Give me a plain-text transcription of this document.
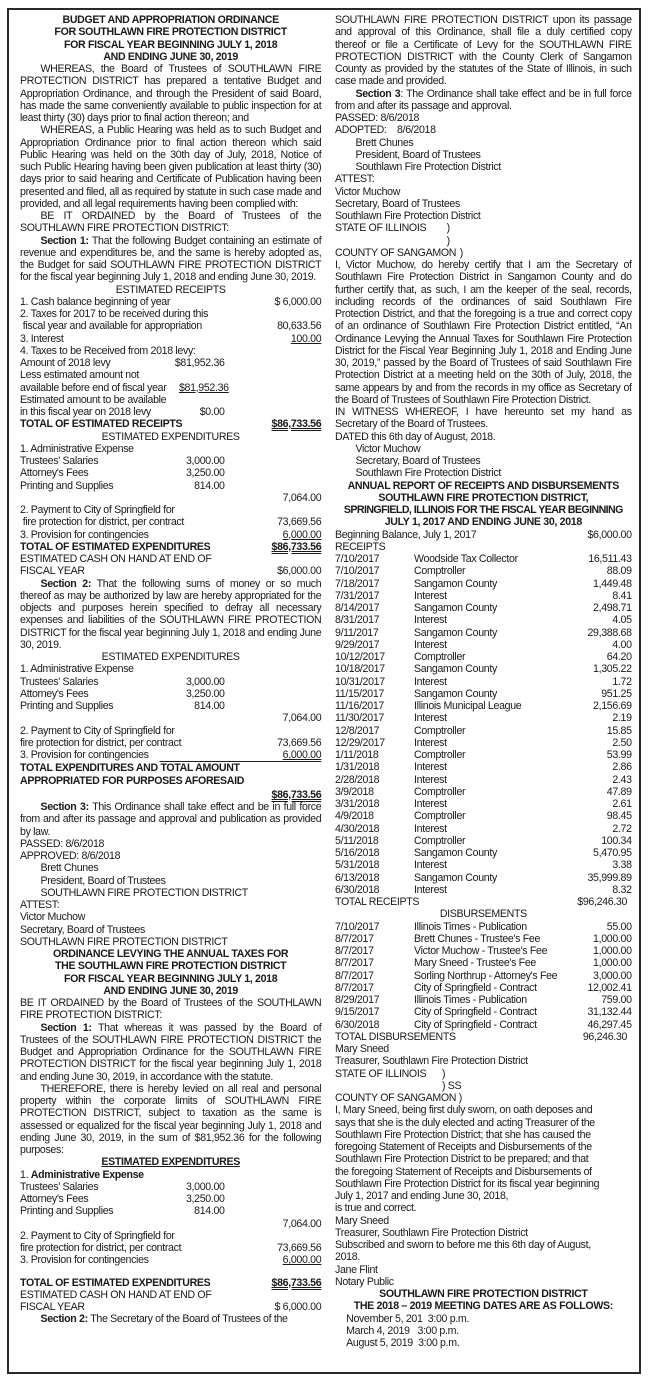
BUDGET AND APPROPRIATION ORDINANCE

FOR SOUTHLAWN FIRE PROTECTION DISTRICT

FOR FISCAL YEAR BEGINNING JULY 1, 2018

AND ENDING JUNE 30, 2019

WHEREAS, the Board of Trustees of SOUTHLAWN FIRE PROTECTION DISTRICT has prepared a tentative Budget and Appropriation Ordinance, and through the President of said Board, has made the same conveniently available to public inspection for at least thirty (30) days prior to final action thereon; and

WHEREAS, a Public Hearing was held as to such Budget and Appropriation Ordinance prior to final action thereon which said Public Hearing was held on the 30th day of July, 2018, Notice of such Public Hearing having been given publication at least thirty (30) days prior to said hearing and Certificate of Publication having been presented and filed, all as required by statute in such case made and provided, and all legal requirements having been complied with:

BE IT ORDAINED by the Board of Trustees of the SOUTHLAWN FIRE PROTECTION DISTRICT:

Section 1: That the following Budget containing an estimate of revenue and expenditures be, and the same is hereby adopted as, the Budget for said SOUTHLAWN FIRE PROTECTION DISTRICT for the fiscal year beginning July 1, 2018 and ending June 30, 2019.

ESTIMATED RECEIPTS

1. Cash balance beginning of year	$ 6,000.00
2. Taxes for 2017 to be received during this
fiscal year and available for appropriation	80,633.56
3. Interest	100.00
4. Taxes to be Received from 2018 levy:
Amount of 2018 levy	$81,952.36
Less estimated amount not
available before end of fiscal year	$81,952.36
Estimated amount to be available
in this fiscal year on 2018 levy	$0.00
TOTAL OF ESTIMATED RECEIPTS	$86,733.56

ESTIMATED EXPENDITURES

1. Administrative Expense
Trustees' Salaries	3,000.00
Attorney's Fees	3,250.00
Printing and Supplies	814.00
7,064.00
2. Payment to City of Springfield for
fire protection for district, per contract	73,669.56
3. Provision for contingencies	6,000.00
TOTAL OF ESTIMATED EXPENDITURES	$86,733.56
ESTIMATED CASH ON HAND AT END OF
FISCAL YEAR	$6,000.00

Section 2: That the following sums of money or so much thereof as may be authorized by law are hereby appropriated for the objects and purposes herein specified to defray all necessary expenses and liabilities of the SOUTHLAWN FIRE PROTECTION DISTRICT for the fiscal year beginning July 1, 2018 and ending June 30, 2019.

ESTIMATED EXPENDITURES

1. Administrative Expense
Trustees' Salaries	3,000.00
Attorney's Fees	3,250.00
Printing and Supplies	814.00
7,064.00
2. Payment to City of Springfield for
fire protection for district, per contract	73,669.56
3. Provision for contingencies	6,000.00

TOTAL EXPENDITURES AND TOTAL AMOUNT

APPROPRIATED FOR PURPOSES AFORESAID

$86,733.56

Section 3: This Ordinance shall take effect and be in full force from and after its passage and approval and publication as provided by law.

PASSED: 8/6/2018

APPROVED: 8/6/2018

Brett Chunes

President, Board of Trustees

SOUTHLAWN FIRE PROTECTION DISTRICT

ATTEST:

Victor Muchow

Secretary, Board of Trustees

SOUTHLAWN FIRE PROTECTION DISTRICT

ORDINANCE LEVYING THE ANNUAL TAXES FOR

THE SOUTHLAWN FIRE PROTECTION DISTRICT

FOR FISCAL YEAR BEGINNING JULY 1, 2018

AND ENDING JUNE 30, 2019

BE IT ORDAINED by the Board of Trustees of the SOUTHLAWN FIRE PROTECTION DISTRICT:

Section 1: That whereas it was passed by the Board of Trustees of the SOUTHLAWN FIRE PROTECTION DISTRICT the Budget and Appropriation Ordinance for the SOUTHLAWN FIRE PROTECTION DISTRICT for the fiscal year beginning July 1, 2018 and ending June 30, 2019, in accordance with the statute.

THEREFORE, there is hereby levied on all real and personal property within the corporate limits of SOUTHLAWN FIRE PROTECTION DISTRICT, subject to taxation as the same is assessed or equalized for the fiscal year beginning July 1, 2018 and ending June 30, 2019, in the sum of $81,952.36 for the following purposes:

ESTIMATED EXPENDITURES

1. Administrative Expense
Trustees' Salaries	3,000.00
Attorney's Fees	3,250.00
Printing and Supplies	814.00
7,064.00
2. Payment to City of Springfield for
fire protection for district, per contract	73,669.56
3. Provision for contingencies	6,000.00
TOTAL OF ESTIMATED EXPENDITURES	$86,733.56
ESTIMATED CASH ON HAND AT END OF
FISCAL YEAR	$ 6,000.00

Section 2: The Secretary of the Board of Trustees of the

SOUTHLAWN FIRE PROTECTION DISTRICT upon its passage and approval of this Ordinance, shall file a duly certified copy thereof or file a Certificate of Levy for the SOUTHLAWN FIRE PROTECTION DISTRICT with the County Clerk of Sangamon County as provided by the statutes of the State of Illinois, in such case made and provided.

Section 3: The Ordinance shall take effect and be in full force from and after its passage and approval.

PASSED: 8/6/2018

ADOPTED:    8/6/2018

Brett Chunes

President, Board of Trustees

Southlawn Fire Protection District

ATTEST:

Victor Muchow

Secretary, Board of Trustees

Southlawn Fire Protection District

STATE OF ILLINOIS	)
)
COUNTY OF SANGAMON )

I, Victor Muchow, do hereby certify that I am the Secretary of Southlawn Fire Protection District in Sangamon County and do further certify that, as such, I am the keeper of the seal, records, including records of the ordinances of said Southlawn Fire Protection District, and that the foregoing is a true and correct copy of an ordinance of Southlawn Fire Protection District entitled, “An Ordinance Levying the Annual Taxes for Southlawn Fire Protection District for the Fiscal Year Beginning July 1, 2018 and Ending June 30, 2019,” passed by the Board of Trustees of said Southlawn Fire Protection District at a meeting held on the 30th of July, 2018, the same appears by and from the records in my office as Secretary of the Board of Trustees of Southlawn Fire Protection District.

IN WITNESS WHEREOF, I have hereunto set my hand as Secretary of the Board of Trustees.

DATED this 6th day of August, 2018.

Victor Muchow

Secretary, Board of Trustees

Southlawn Fire Protection District

ANNUAL REPORT OF RECEIPTS AND DISBURSEMENTS

SOUTHLAWN FIRE PROTECTION DISTRICT,

SPRINGFIELD, ILLINOIS FOR THE FISCAL YEAR BEGINNING

JULY 1, 2017 AND ENDING JUNE 30, 2018

Beginning Balance, July 1, 2017	$6,000.00

RECEIPTS

7/10/2017	Woodside Tax Collector	16,511.43
7/10/2017	Comptroller	88.09
7/18/2017	Sangamon County	1,449.48
7/31/2017	Interest	8.41
8/14/2017	Sangamon County	2,498.71
8/31/2017	Interest	4.05
9/11/2017	Sangamon County	29,388.68
9/29/2017	Interest	4.00
10/12/2017	Comptroller	64.20
10/18/2017	Sangamon County	1,305.22
10/31/2017	Interest	1.72
11/15/2017	Sangamon County	951.25
11/16/2017	Illinois Municipal League	2,156.69
11/30/2017	Interest	2.19
12/8/2017	Comptroller	15.85
12/29/2017	Interest	2.50
1/11/2018	Comptroller	53.99
1/31/2018	Interest	2.86
2/28/2018	Interest	2.43
3/9/2018	Comptroller	47.89
3/31/2018	Interest	2.61
4/9/2018	Comptroller	98.45
4/30/2018	Interest	2.72
5/11/2018	Comptroller	100.34
5/16/2018	Sangamon County	5,470.95
5/31/2018	Interest	3.38
6/13/2018	Sangamon County	35,999.89
6/30/2018	Interest	8.32
TOTAL RECEIPTS	$96,246.30

DISBURSEMENTS

7/10/2017	Illinois Times - Publication	55.00
8/7/2017	Brett Chunes - Trustee's Fee	1,000.00
8/7/2017	Victor Muchow - Trustee's Fee	1,000.00
8/7/2017	Mary Sneed - Trustee's Fee	1,000.00
8/7/2017	Sorling Northrup - Attorney's Fee	3,000.00
8/7/2017	City of Springfield - Contract	12,002.41
8/29/2017	Illinois Times - Publication	759.00
9/15/2017	City of Springfield - Contract	31,132.44
6/30/2018	City of Springfield - Contract	46,297.45
TOTAL DISBURSEMENTS	96,246.30

Mary Sneed

Treasurer, Southlawn Fire Protection District

STATE OF ILLINOIS	)
) SS

COUNTY OF SANGAMON )

I, Mary Sneed, being first duly sworn, on oath deposes and says that she is the duly elected and acting Treasurer of the Southlawn Fire Protection District; that she has caused the foregoing Statement of Receipts and Disbursements of the Southlawn Fire Protection District to be prepared; and that the foregoing Statement of Receipts and Disbursements of Southlawn Fire Protection District for its fiscal year beginning July 1, 2017 and ending June 30, 2018,

is true and correct.

Mary Sneed

Treasurer, Southlawn Fire Protection District

Subscribed and sworn to before me this 6th day of August, 2018.

Jane Flint

Notary Public

SOUTHLAWN FIRE PROTECTION DISTRICT

THE 2018 – 2019 MEETING DATES ARE AS FOLLOWS:

November 5, 201  3:00 p.m.

March 4, 2019   3:00 p.m.

August 5, 2019  3:00 p.m.
